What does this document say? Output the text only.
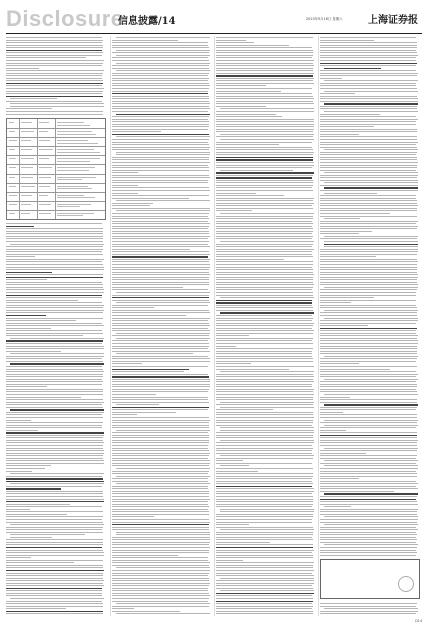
Disclosure
信息披露/14	2023年9月16日 星期六	上海证券报
D14
